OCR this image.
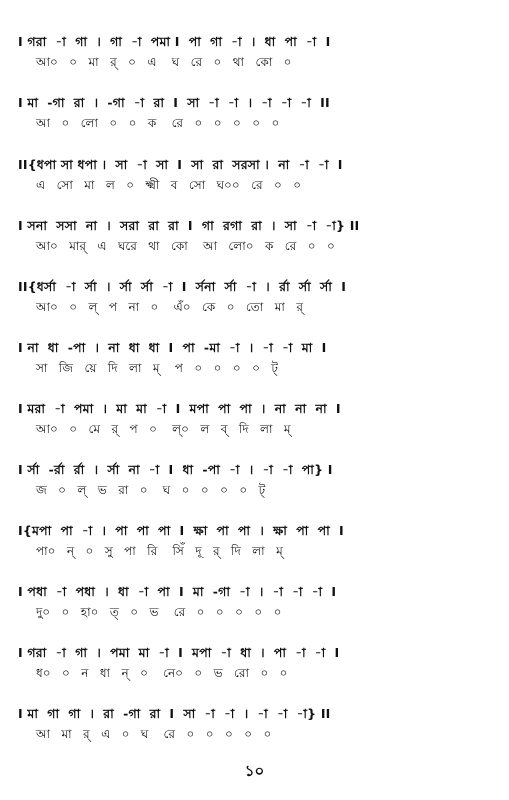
I গরা  -া  গা  ।  গা  -া  পমা I  পা  গা  -া  ।  ধা  পা  -া  I
আ০   ০   মা   র্   ০   এ    ঘ   রে   ০   থা   কো   ০
I মা  -গা  রা  ।  -গা  -া  রা  I  সা  -া  -া  ।  -া  -া  -া  II
আ   ০   লো   ০   ০   ক    রে   ০   ০   ০   ০   ০
II{ধপা সা ধপা ।  সা  -া  সা  I  সা  রা  সরসা ।  না  -া  -া  I
এ   সো   মা   ল   ০   ক্ষ্মী   ব   সো   ঘ০০   রে   ০   ০
I সনা  সসা  না  ।  সরা  রা  রা  I  গা  রগা  রা  ।  সা  -া  -া} II
আ০   মার্   এ   ঘরে   থা   কো    আ   লো০   ক   রে   ০   ০
II{ধর্সা  -া  র্সা  ।  র্সা  র্সা  -া  I  র্সনা  র্সা  -া  ।  র্রা  র্সা  র্সা  I
আ০   ০   ল্   প   না   ০    এঁ০   কে   ০   তো   মা   র্
I না  ধা  -পা  ।  না  ধা  ধা  I  পা  -মা  -া  ।  -া  -া  মা  I
সা   জি   য়ে   দি   লা   ম্    প   ০   ০   ০   ০   ট্
I মরা  -া  পমা  ।  মা  মা  -া  I  মপা  পা  পা  ।  না  না  না  I
আ০   ০   মে   র্   প   ০    ল্০   ল   ব্   দি   লা   ম্
I র্সা  -র্রা  র্রা  ।  র্সা  না  -া  I  ধা  -পা  -া  ।  -া  -া  পা} I
জ   ০   ল্   ভ   রা   ০    ঘ   ০   ০   ০   ০   ট্
I{মপা  পা  -া  ।  পা  পা  পা  I  ক্ষা  পা  পা  ।  ক্ষা  পা  পা  I
পা০   ন্   ০   সু   পা   রি    সিঁ   দূ   র্   দি   লা   ম্
I পধা  -া  পধা  ।  ধা  -া  পা  I  মা  -গা  -া  ।  -া  -া  -া  I
দু০   ০   হা০   ত্   ০   ভ    রে   ০   ০   ০   ০   ০
I গরা  -া  গা  ।  পমা  মা  -া  I  মপা  -া  ধা  ।  পা  -া  -া  I
ধ০   ০   ন   ধা   ন্   ০    নে০   ০   ভ   রো   ০   ০
I মা  গা  গা  ।  রা  -গা  রা  I  সা  -া  -া  ।  -া  -া  -া} II
আ   মা   র্   এ   ০   ঘ    রে   ০   ০   ০   ০   ০
১০
